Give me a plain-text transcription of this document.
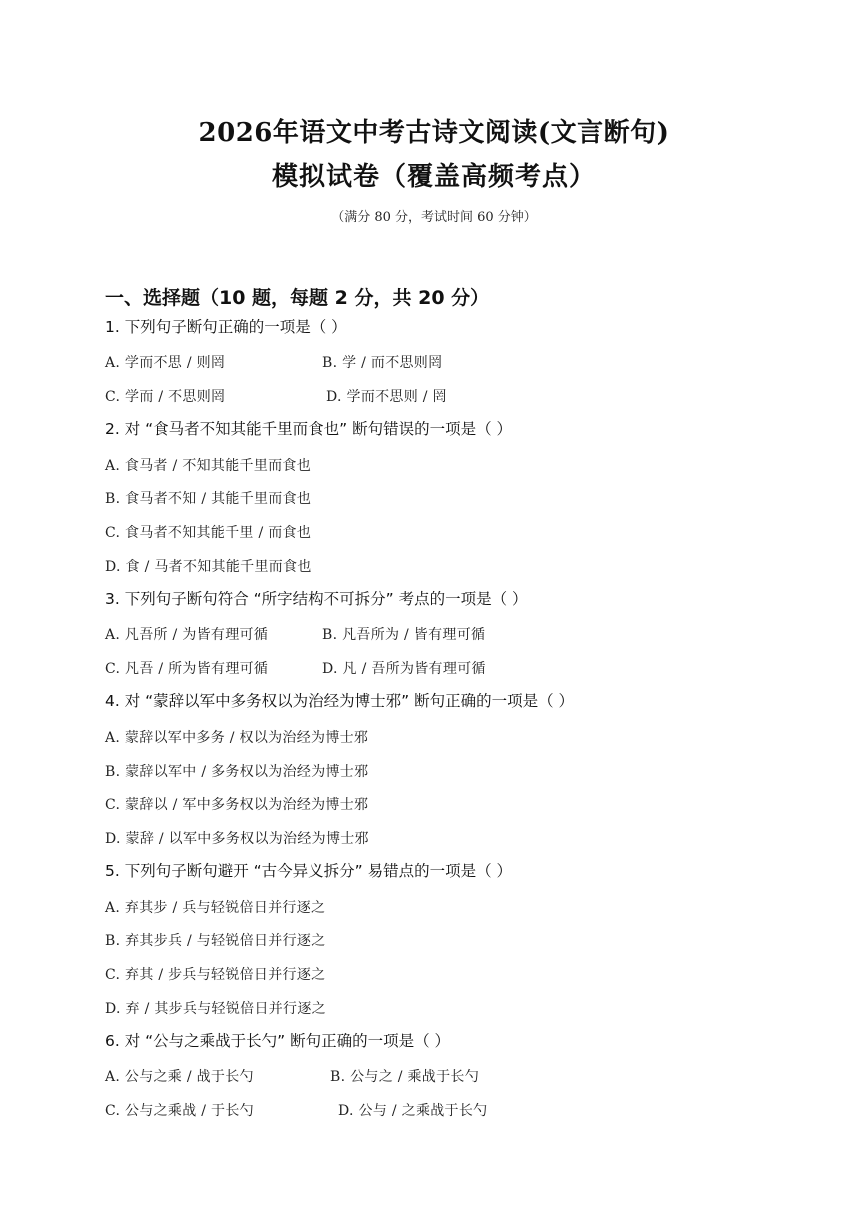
2026年语文中考古诗文阅读(文言断句)
模拟试卷（覆盖高频考点）
（满分 80 分，考试时间 60 分钟）
一、选择题（10 题，每题 2 分，共 20 分）
1. 下列句子断句正确的一项是（ ）
A. 学而不思 / 则罔	B. 学 / 而不思则罔
C. 学而 / 不思则罔	D. 学而不思则 / 罔
2. 对 “食马者不知其能千里而食也” 断句错误的一项是（ ）
A. 食马者 / 不知其能千里而食也
B. 食马者不知 / 其能千里而食也
C. 食马者不知其能千里 / 而食也
D. 食 / 马者不知其能千里而食也
3. 下列句子断句符合 “所字结构不可拆分” 考点的一项是（ ）
A. 凡吾所 / 为皆有理可循	B. 凡吾所为 / 皆有理可循
C. 凡吾 / 所为皆有理可循	D. 凡 / 吾所为皆有理可循
4. 对 “蒙辞以军中多务权以为治经为博士邪” 断句正确的一项是（ ）
A. 蒙辞以军中多务 / 权以为治经为博士邪
B. 蒙辞以军中 / 多务权以为治经为博士邪
C. 蒙辞以 / 军中多务权以为治经为博士邪
D. 蒙辞 / 以军中多务权以为治经为博士邪
5. 下列句子断句避开 “古今异义拆分” 易错点的一项是（ ）
A. 弃其步 / 兵与轻锐倍日并行逐之
B. 弃其步兵 / 与轻锐倍日并行逐之
C. 弃其 / 步兵与轻锐倍日并行逐之
D. 弃 / 其步兵与轻锐倍日并行逐之
6. 对 “公与之乘战于长勺” 断句正确的一项是（ ）
A. 公与之乘 / 战于长勺	B. 公与之 / 乘战于长勺
C. 公与之乘战 / 于长勺	D. 公与 / 之乘战于长勺
